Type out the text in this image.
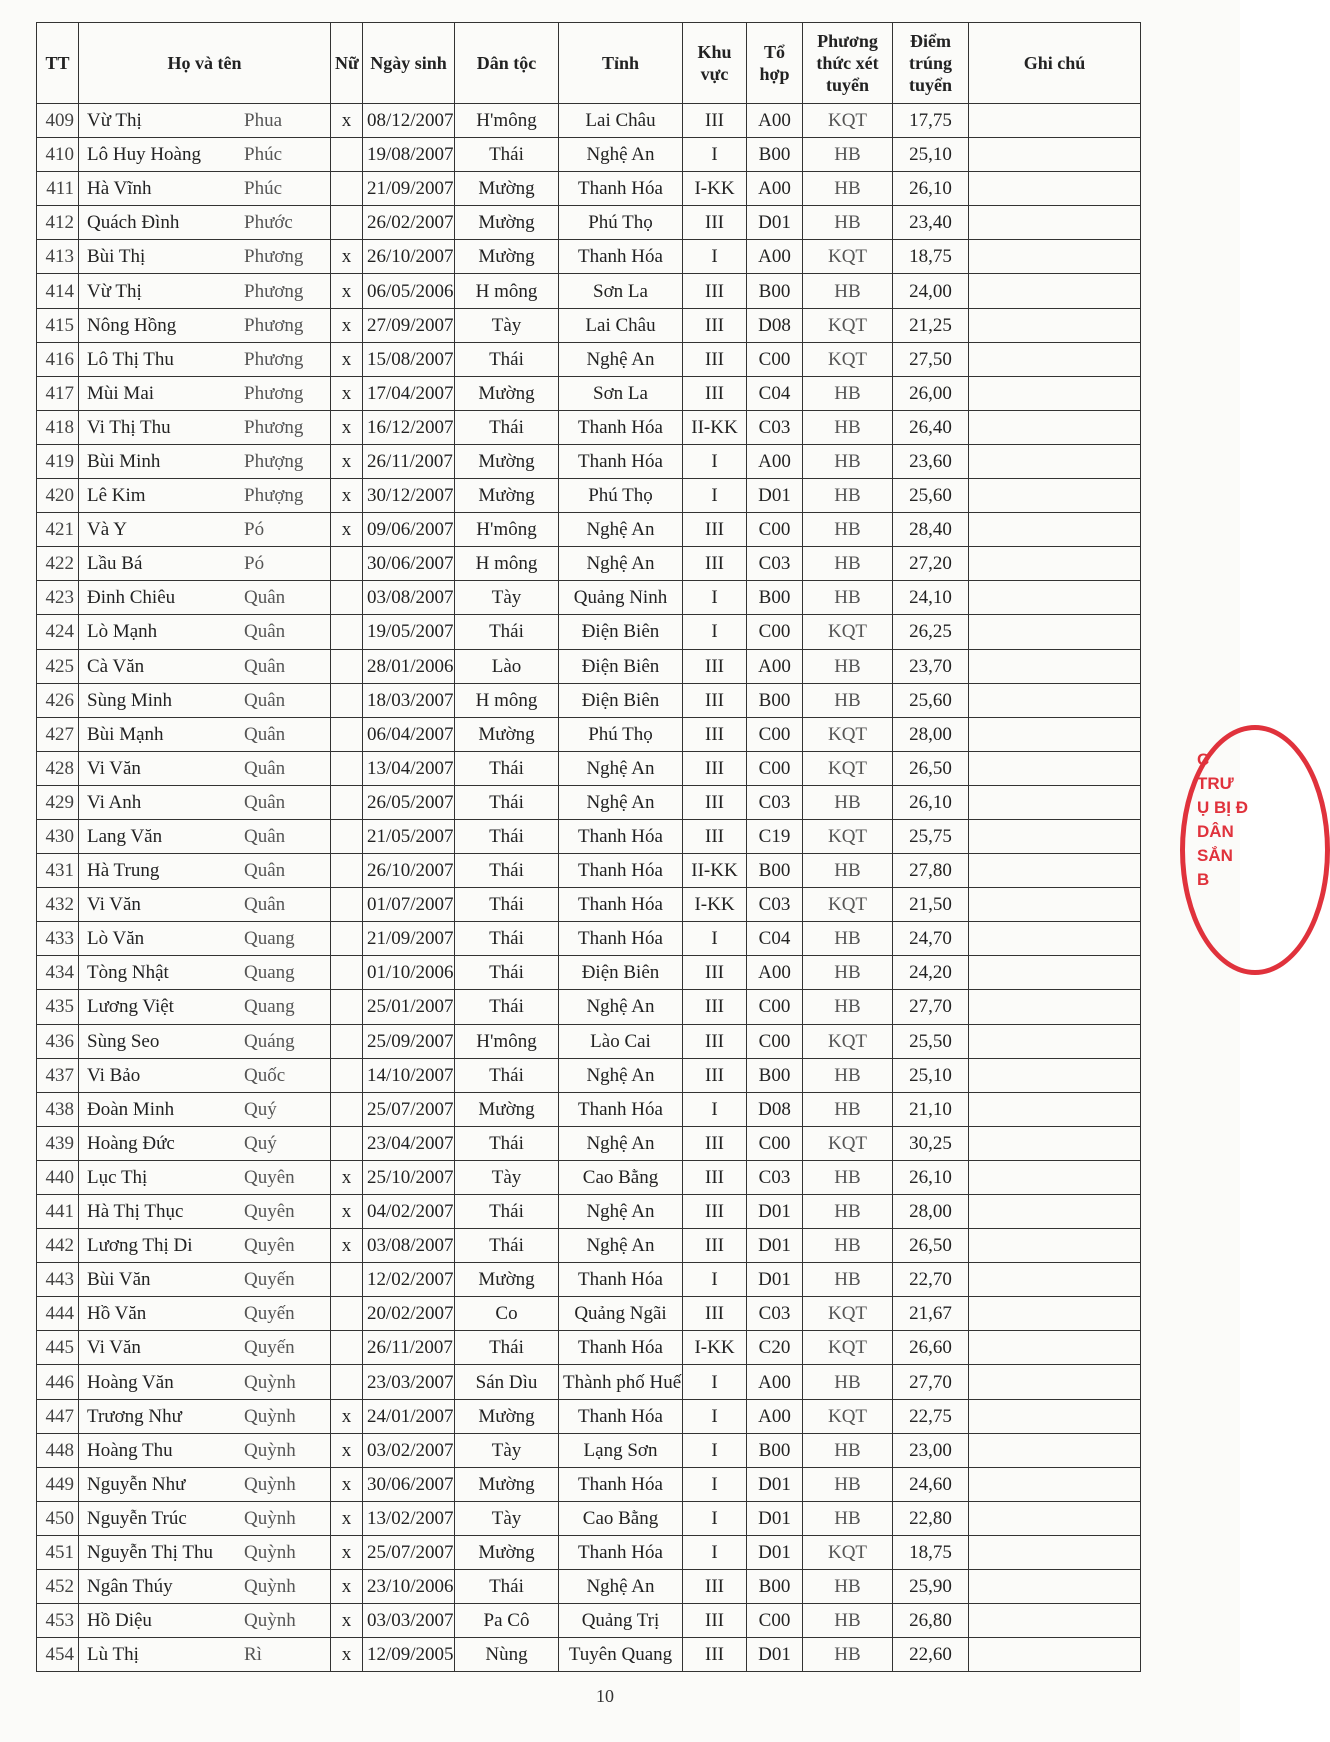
TT	Họ và tên	Nữ	Ngày sinh	Dân tộc	Tỉnh	Khu vực	Tổ hợp	Phương thức xét tuyển	Điểm trúng tuyển	Ghi chú
409	Vừ Thị Phua	x	08/12/2007	H'mông	Lai Châu	III	A00	KQT	17,75	
410	Lô Huy Hoàng Phúc		19/08/2007	Thái	Nghệ An	I	B00	HB	25,10	
411	Hà Vĩnh Phúc		21/09/2007	Mường	Thanh Hóa	I-KK	A00	HB	26,10	
412	Quách Đình Phước		26/02/2007	Mường	Phú Thọ	III	D01	HB	23,40	
413	Bùi Thị Phương	x	26/10/2007	Mường	Thanh Hóa	I	A00	KQT	18,75	
414	Vừ Thị Phương	x	06/05/2006	H mông	Sơn La	III	B00	HB	24,00	
415	Nông Hồng Phương	x	27/09/2007	Tày	Lai Châu	III	D08	KQT	21,25	
416	Lô Thị Thu Phương	x	15/08/2007	Thái	Nghệ An	III	C00	KQT	27,50	
417	Mùi Mai Phương	x	17/04/2007	Mường	Sơn La	III	C04	HB	26,00	
418	Vi Thị Thu Phương	x	16/12/2007	Thái	Thanh Hóa	II-KK	C03	HB	26,40	
419	Bùi Minh Phượng	x	26/11/2007	Mường	Thanh Hóa	I	A00	HB	23,60	
420	Lê Kim Phượng	x	30/12/2007	Mường	Phú Thọ	I	D01	HB	25,60	
421	Và Y Pó	x	09/06/2007	H'mông	Nghệ An	III	C00	HB	28,40	
422	Lầu Bá Pó		30/06/2007	H mông	Nghệ An	III	C03	HB	27,20	
423	Đinh Chiêu Quân		03/08/2007	Tày	Quảng Ninh	I	B00	HB	24,10	
424	Lò Mạnh Quân		19/05/2007	Thái	Điện Biên	I	C00	KQT	26,25	
425	Cà Văn Quân		28/01/2006	Lào	Điện Biên	III	A00	HB	23,70	
426	Sùng Minh Quân		18/03/2007	H mông	Điện Biên	III	B00	HB	25,60	
427	Bùi Mạnh Quân		06/04/2007	Mường	Phú Thọ	III	C00	KQT	28,00	
428	Vi Văn Quân		13/04/2007	Thái	Nghệ An	III	C00	KQT	26,50	
429	Vi Anh Quân		26/05/2007	Thái	Nghệ An	III	C03	HB	26,10	
430	Lang Văn Quân		21/05/2007	Thái	Thanh Hóa	III	C19	KQT	25,75	
431	Hà Trung Quân		26/10/2007	Thái	Thanh Hóa	II-KK	B00	HB	27,80	
432	Vi Văn Quân		01/07/2007	Thái	Thanh Hóa	I-KK	C03	KQT	21,50	
433	Lò Văn Quang		21/09/2007	Thái	Thanh Hóa	I	C04	HB	24,70	
434	Tòng Nhật Quang		01/10/2006	Thái	Điện Biên	III	A00	HB	24,20	
435	Lương Việt Quang		25/01/2007	Thái	Nghệ An	III	C00	HB	27,70	
436	Sùng Seo Quáng		25/09/2007	H'mông	Lào Cai	III	C00	KQT	25,50	
437	Vi Bảo Quốc		14/10/2007	Thái	Nghệ An	III	B00	HB	25,10	
438	Đoàn Minh Quý		25/07/2007	Mường	Thanh Hóa	I	D08	HB	21,10	
439	Hoàng Đức Quý		23/04/2007	Thái	Nghệ An	III	C00	KQT	30,25	
440	Lục Thị Quyên	x	25/10/2007	Tày	Cao Bằng	III	C03	HB	26,10	
441	Hà Thị Thục Quyên	x	04/02/2007	Thái	Nghệ An	III	D01	HB	28,00	
442	Lương Thị Di Quyên	x	03/08/2007	Thái	Nghệ An	III	D01	HB	26,50	
443	Bùi Văn Quyến		12/02/2007	Mường	Thanh Hóa	I	D01	HB	22,70	
444	Hồ Văn Quyến		20/02/2007	Co	Quảng Ngãi	III	C03	KQT	21,67	
445	Vi Văn Quyến		26/11/2007	Thái	Thanh Hóa	I-KK	C20	KQT	26,60	
446	Hoàng Văn Quỳnh		23/03/2007	Sán Dìu	Thành phố Huế	I	A00	HB	27,70	
447	Trương Như Quỳnh	x	24/01/2007	Mường	Thanh Hóa	I	A00	KQT	22,75	
448	Hoàng Thu Quỳnh	x	03/02/2007	Tày	Lạng Sơn	I	B00	HB	23,00	
449	Nguyễn Như Quỳnh	x	30/06/2007	Mường	Thanh Hóa	I	D01	HB	24,60	
450	Nguyễn Trúc Quỳnh	x	13/02/2007	Tày	Cao Bằng	I	D01	HB	22,80	
451	Nguyễn Thị Thu Quỳnh	x	25/07/2007	Mường	Thanh Hóa	I	D01	KQT	18,75	
452	Ngân Thúy Quỳnh	x	23/10/2006	Thái	Nghệ An	III	B00	HB	25,90	
453	Hồ Diệu Quỳnh	x	03/03/2007	Pa Cô	Quảng Trị	III	C00	HB	26,80	
454	Lù Thị Rì	x	12/09/2005	Nùng	Tuyên Quang	III	D01	HB	22,60	
10
C
TRƯ
Ụ BỊ Đ
DÂN
SẮN
B
